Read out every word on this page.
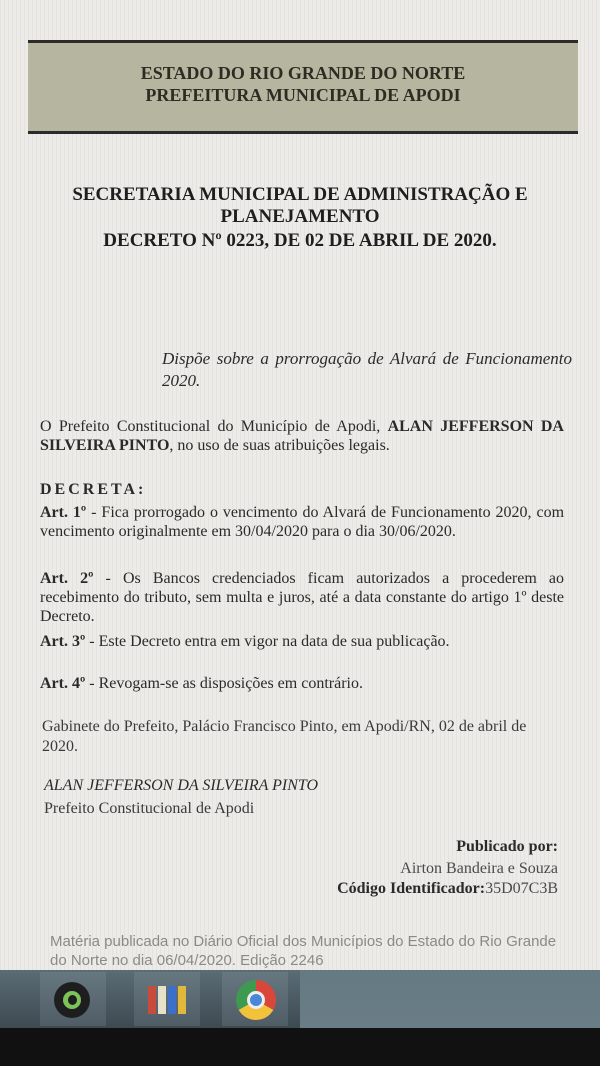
ESTADO DO RIO GRANDE DO NORTE
PREFEITURA MUNICIPAL DE APODI
SECRETARIA MUNICIPAL DE ADMINISTRAÇÃO E
PLANEJAMENTO
DECRETO Nº 0223, DE 02 DE ABRIL DE 2020.
Dispõe sobre a prorrogação de Alvará de Funcionamento 2020.
O Prefeito Constitucional do Município de Apodi, ALAN JEFFERSON DA SILVEIRA PINTO, no uso de suas atribuições legais.
DECRETA:
Art. 1º - Fica prorrogado o vencimento do Alvará de Funcionamento 2020, com vencimento originalmente em 30/04/2020 para o dia 30/06/2020.
Art. 2º - Os Bancos credenciados ficam autorizados a procederem ao recebimento do tributo, sem multa e juros, até a data constante do artigo 1º deste Decreto.
Art. 3º - Este Decreto entra em vigor na data de sua publicação.
Art. 4º - Revogam-se as disposições em contrário.
Gabinete do Prefeito, Palácio Francisco Pinto, em Apodi/RN, 02 de abril de 2020.
ALAN JEFFERSON DA SILVEIRA PINTO
Prefeito Constitucional de Apodi
Publicado por:
Airton Bandeira e Souza
Código Identificador:35D07C3B
Matéria publicada no Diário Oficial dos Municípios do Estado do Rio Grande do Norte no dia 06/04/2020. Edição 2246
